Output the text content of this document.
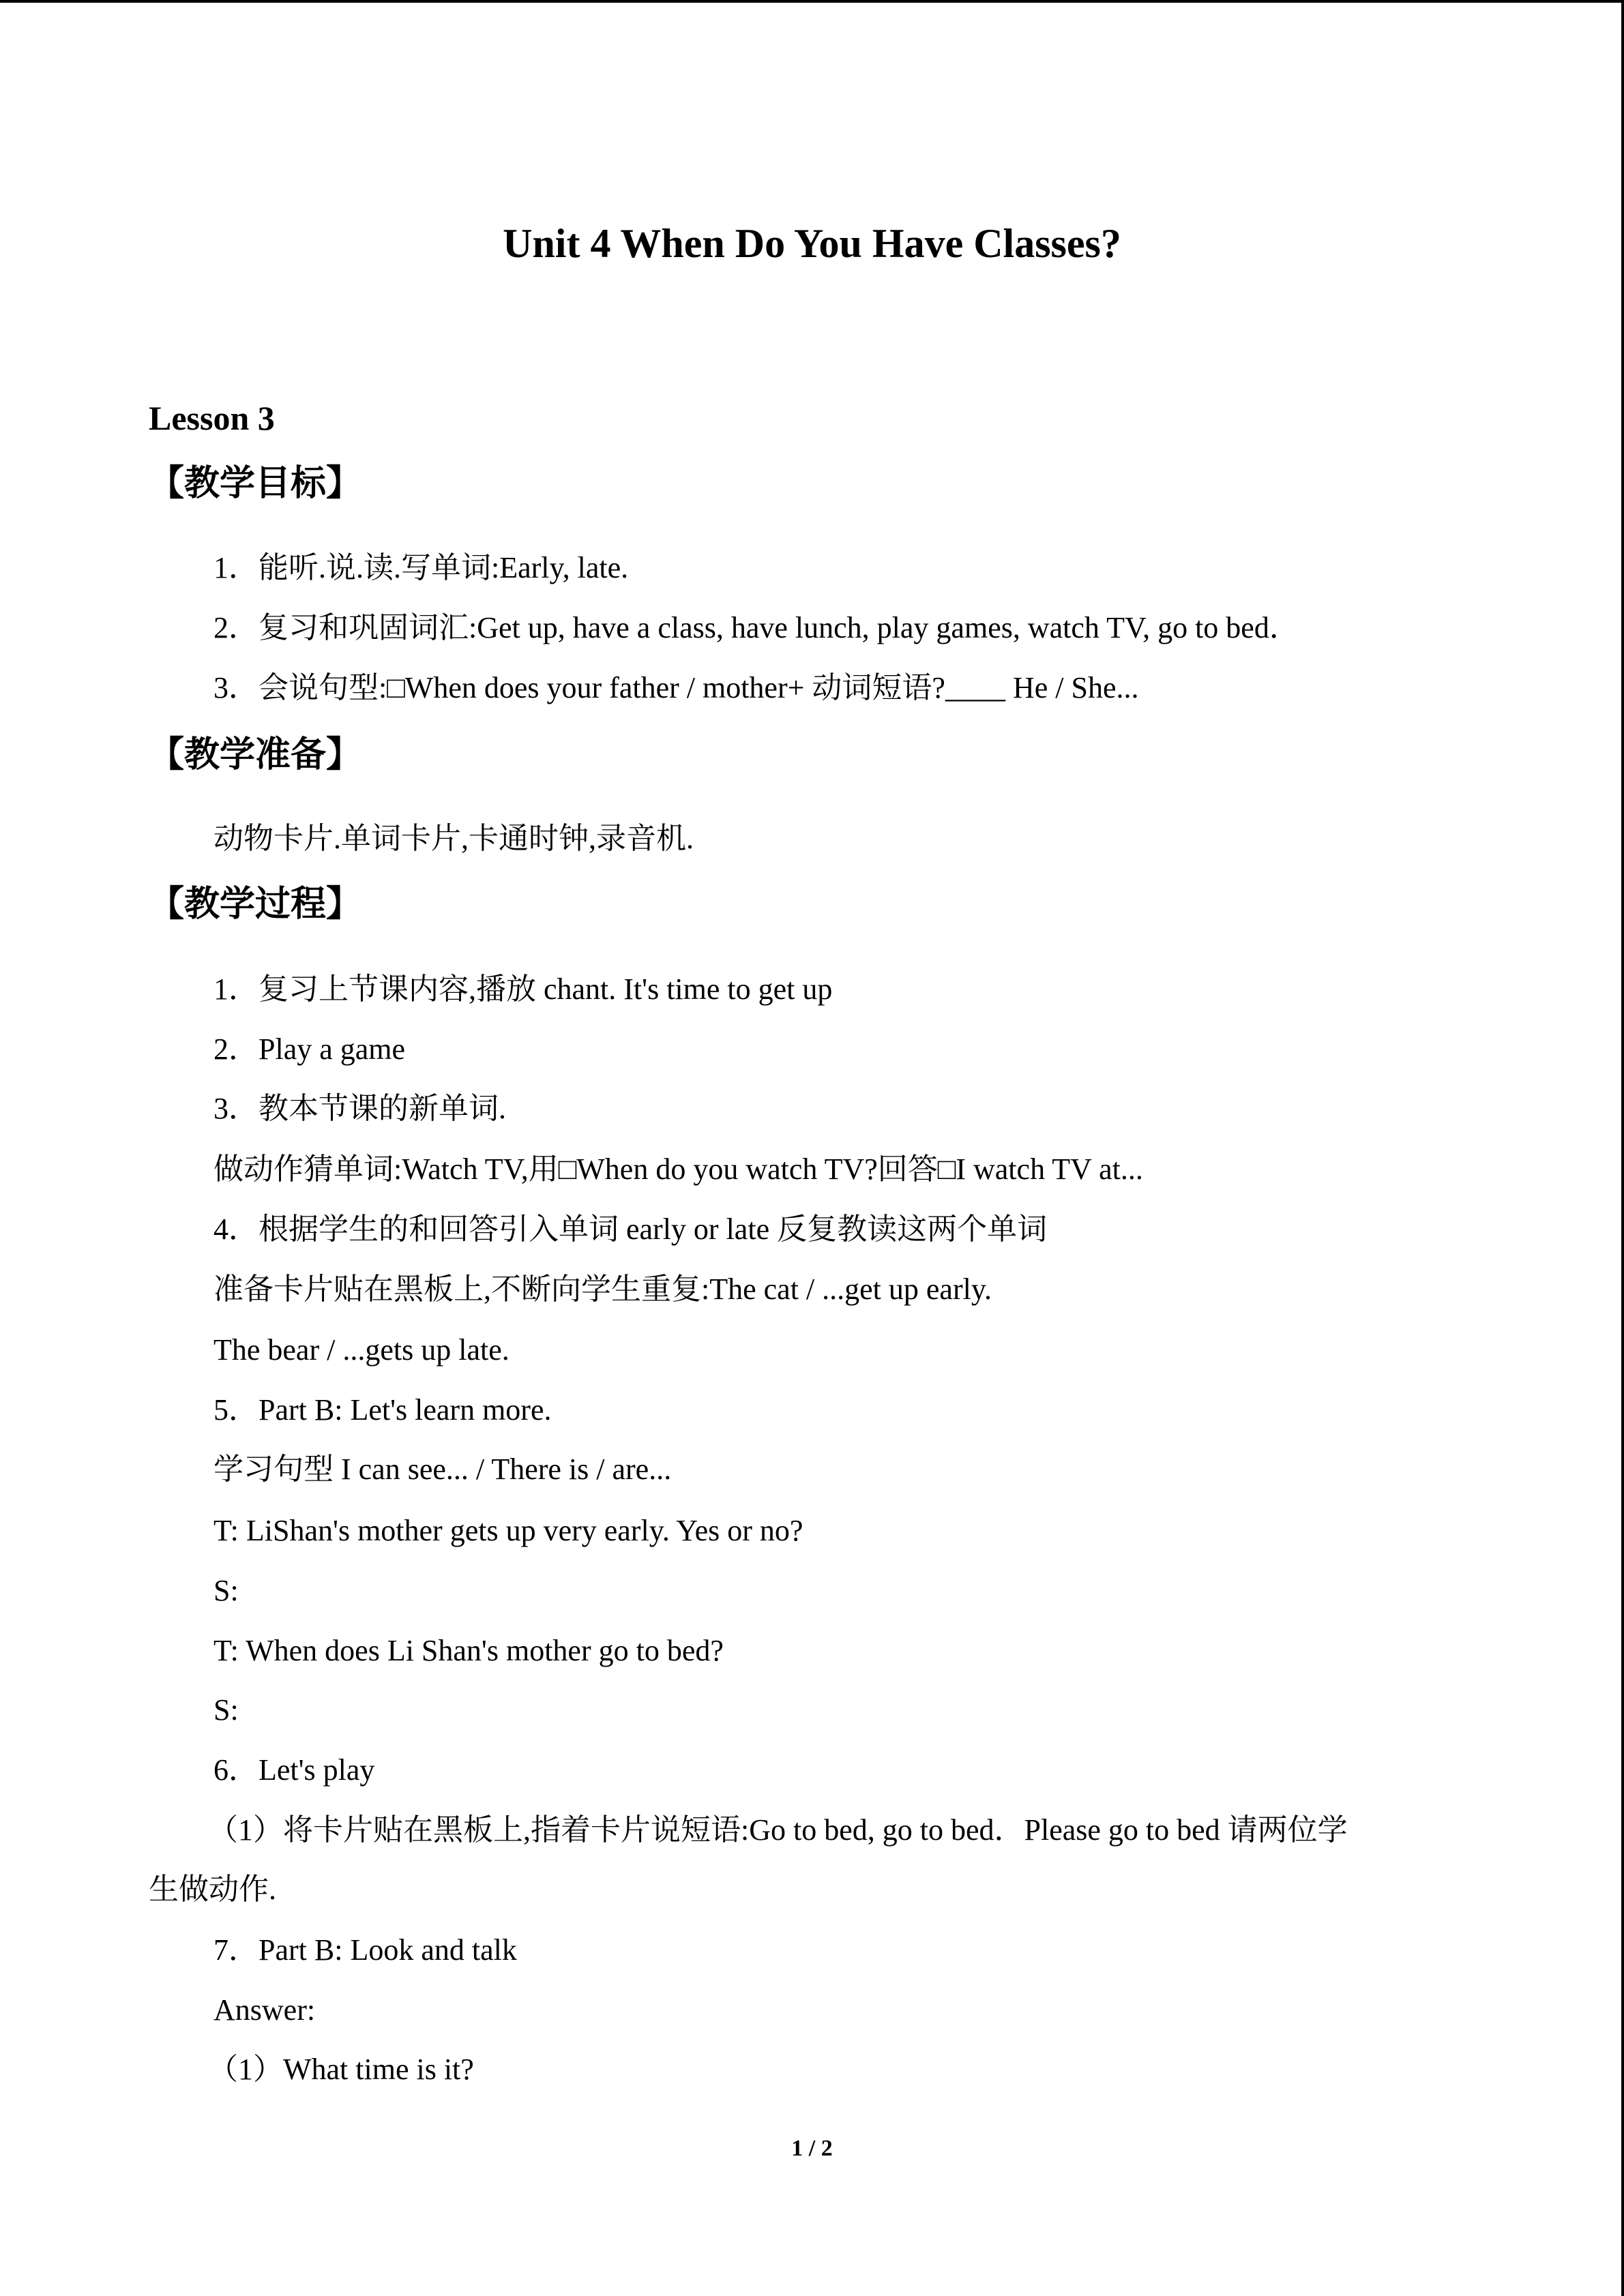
Unit 4 When Do You Have Classes?
Lesson 3
【教学目标】
1．能听.说.读.写单词:Early, late.
2．复习和巩固词汇:Get up, have a class, have lunch, play games, watch TV, go to bed．
3．会说句型:□When does your father / mother+ 动词短语?____ He / She...
【教学准备】
动物卡片.单词卡片,卡通时钟,录音机.
【教学过程】
1．复习上节课内容,播放 chant. It's time to get up
2．Play a game
3．教本节课的新单词.
做动作猜单词:Watch TV,用□When do you watch TV?回答□I watch TV at...
4．根据学生的和回答引入单词 early or late 反复教读这两个单词
准备卡片贴在黑板上,不断向学生重复:The cat / ...get up early.
The bear / ...gets up late.
5．Part B: Let's learn more.
学习句型 I can see... / There is / are...
T: LiShan's mother gets up very early. Yes or no?
S:
T: When does Li Shan's mother go to bed?
S:
6．Let's play
（1）将卡片贴在黑板上,指着卡片说短语:Go to bed, go to bed．Please go to bed 请两位学
生做动作.
7．Part B: Look and talk
Answer:
（1）What time is it?
1 / 2
